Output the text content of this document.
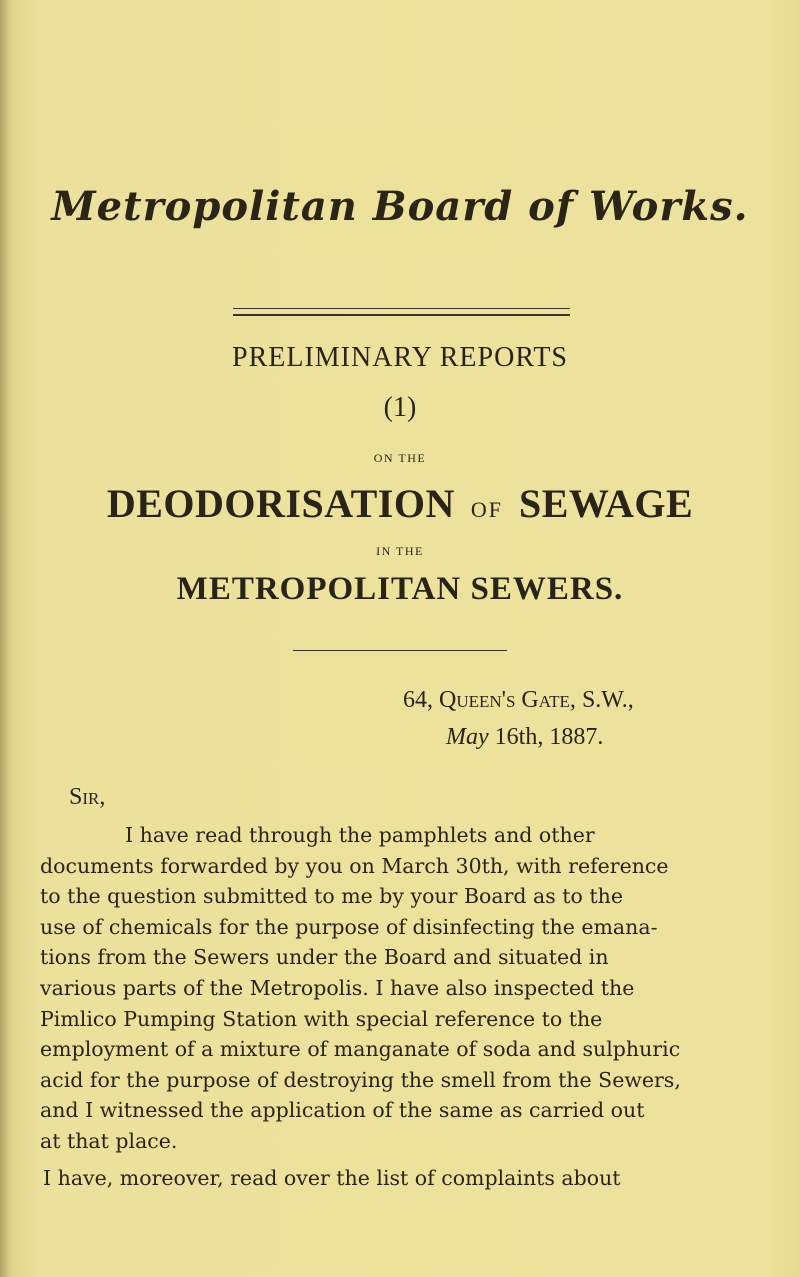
Metropolitan Board of Works.
PRELIMINARY REPORTS
(1)
ON THE
DEODORISATION OF SEWAGE
IN THE
METROPOLITAN SEWERS.
64, Queen's Gate, S.W.,
May 16th, 1887.
Sir,
I have read through the pamphlets and other
documents forwarded by you on March 30th, with reference
to the question submitted to me by your Board as to the
use of chemicals for the purpose of disinfecting the emana-
tions from the Sewers under the Board and situated in
various parts of the Metropolis. I have also inspected the
Pimlico Pumping Station with special reference to the
employment of a mixture of manganate of soda and sulphuric
acid for the purpose of destroying the smell from the Sewers,
and I witnessed the application of the same as carried out
at that place.
I have, moreover, read over the list of complaints about
